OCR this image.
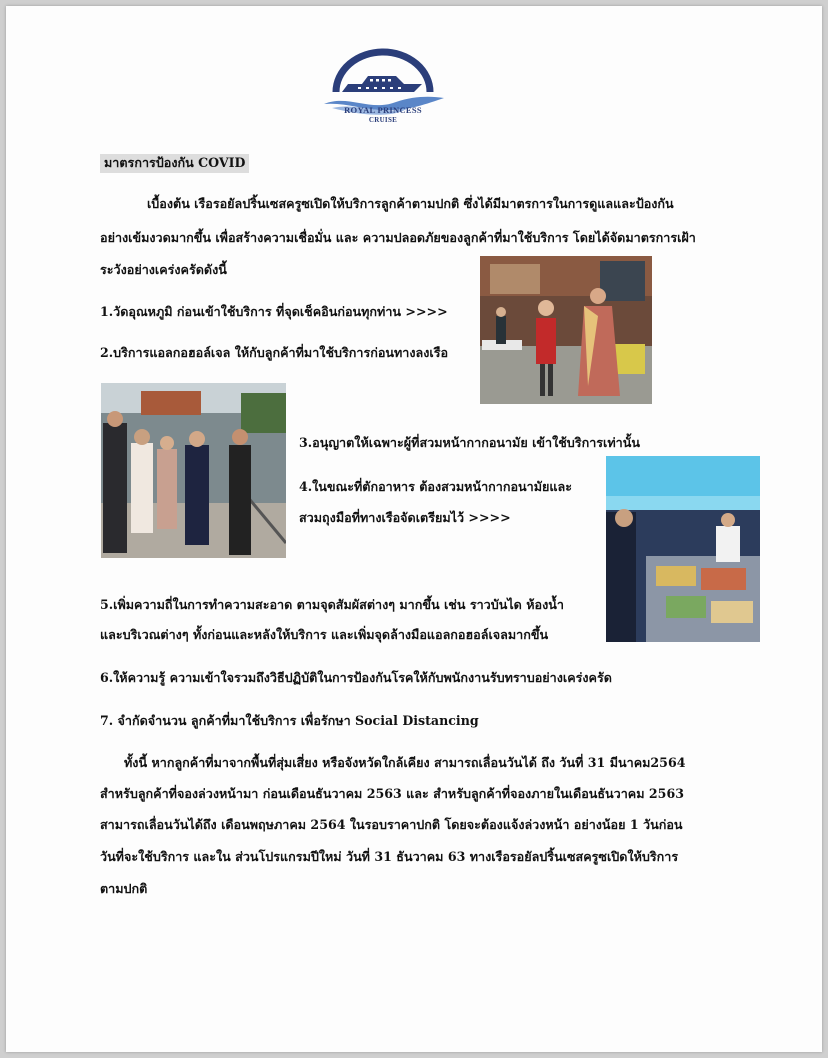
ROYAL PRINCESS
CRUISE
มาตรการป้องกัน COVID
เบื้องต้น เรือรอยัลปริ้นเซสครูซเปิดให้บริการลูกค้าตามปกติ ซึ่งได้มีมาตรการในการดูแลและป้องกัน
อย่างเข้มงวดมากขึ้น เพื่อสร้างความเชื่อมั่น และ ความปลอดภัยของลูกค้าที่มาใช้บริการ โดยได้จัดมาตรการเฝ้า
ระวังอย่างเคร่งครัดดังนี้
1.วัดอุณหภูมิ ก่อนเข้าใช้บริการ ที่จุดเช็คอินก่อนทุกท่าน >>>>
2.บริการแอลกอฮอล์เจล ให้กับลูกค้าที่มาใช้บริการก่อนทางลงเรือ
3.อนุญาตให้เฉพาะผู้ที่สวมหน้ากากอนามัย เข้าใช้บริการเท่านั้น
4.ในขณะที่ตักอาหาร ต้องสวมหน้ากากอนามัยและ
สวมถุงมือที่ทางเรือจัดเตรียมไว้ >>>>
5.เพิ่มความถี่ในการทำความสะอาด ตามจุดสัมผัสต่างๆ มากขึ้น เช่น ราวบันได ห้องน้ำ
และบริเวณต่างๆ ทั้งก่อนและหลังให้บริการ และเพิ่มจุดล้างมือแอลกอฮอล์เจลมากขึ้น
6.ให้ความรู้ ความเข้าใจรวมถึงวิธีปฏิบัติในการป้องกันโรคให้กับพนักงานรับทราบอย่างเคร่งครัด
7. จำกัดจำนวน ลูกค้าที่มาใช้บริการ เพื่อรักษา Social Distancing
ทั้งนี้ หากลูกค้าที่มาจากพื้นที่สุ่มเสี่ยง หรือจังหวัดใกล้เคียง สามารถเลื่อนวันได้ ถึง วันที่ 31 มีนาคม2564
สำหรับลูกค้าที่จองล่วงหน้ามา ก่อนเดือนธันวาคม 2563 และ สำหรับลูกค้าที่จองภายในเดือนธันวาคม 2563
สามารถเลื่อนวันได้ถึง เดือนพฤษภาคม 2564 ในรอบราคาปกติ โดยจะต้องแจ้งล่วงหน้า อย่างน้อย 1 วันก่อน
วันที่จะใช้บริการ และใน ส่วนโปรแกรมปีใหม่ วันที่ 31 ธันวาคม 63 ทางเรือรอยัลปริ้นเซสครูซเปิดให้บริการ
ตามปกติ
